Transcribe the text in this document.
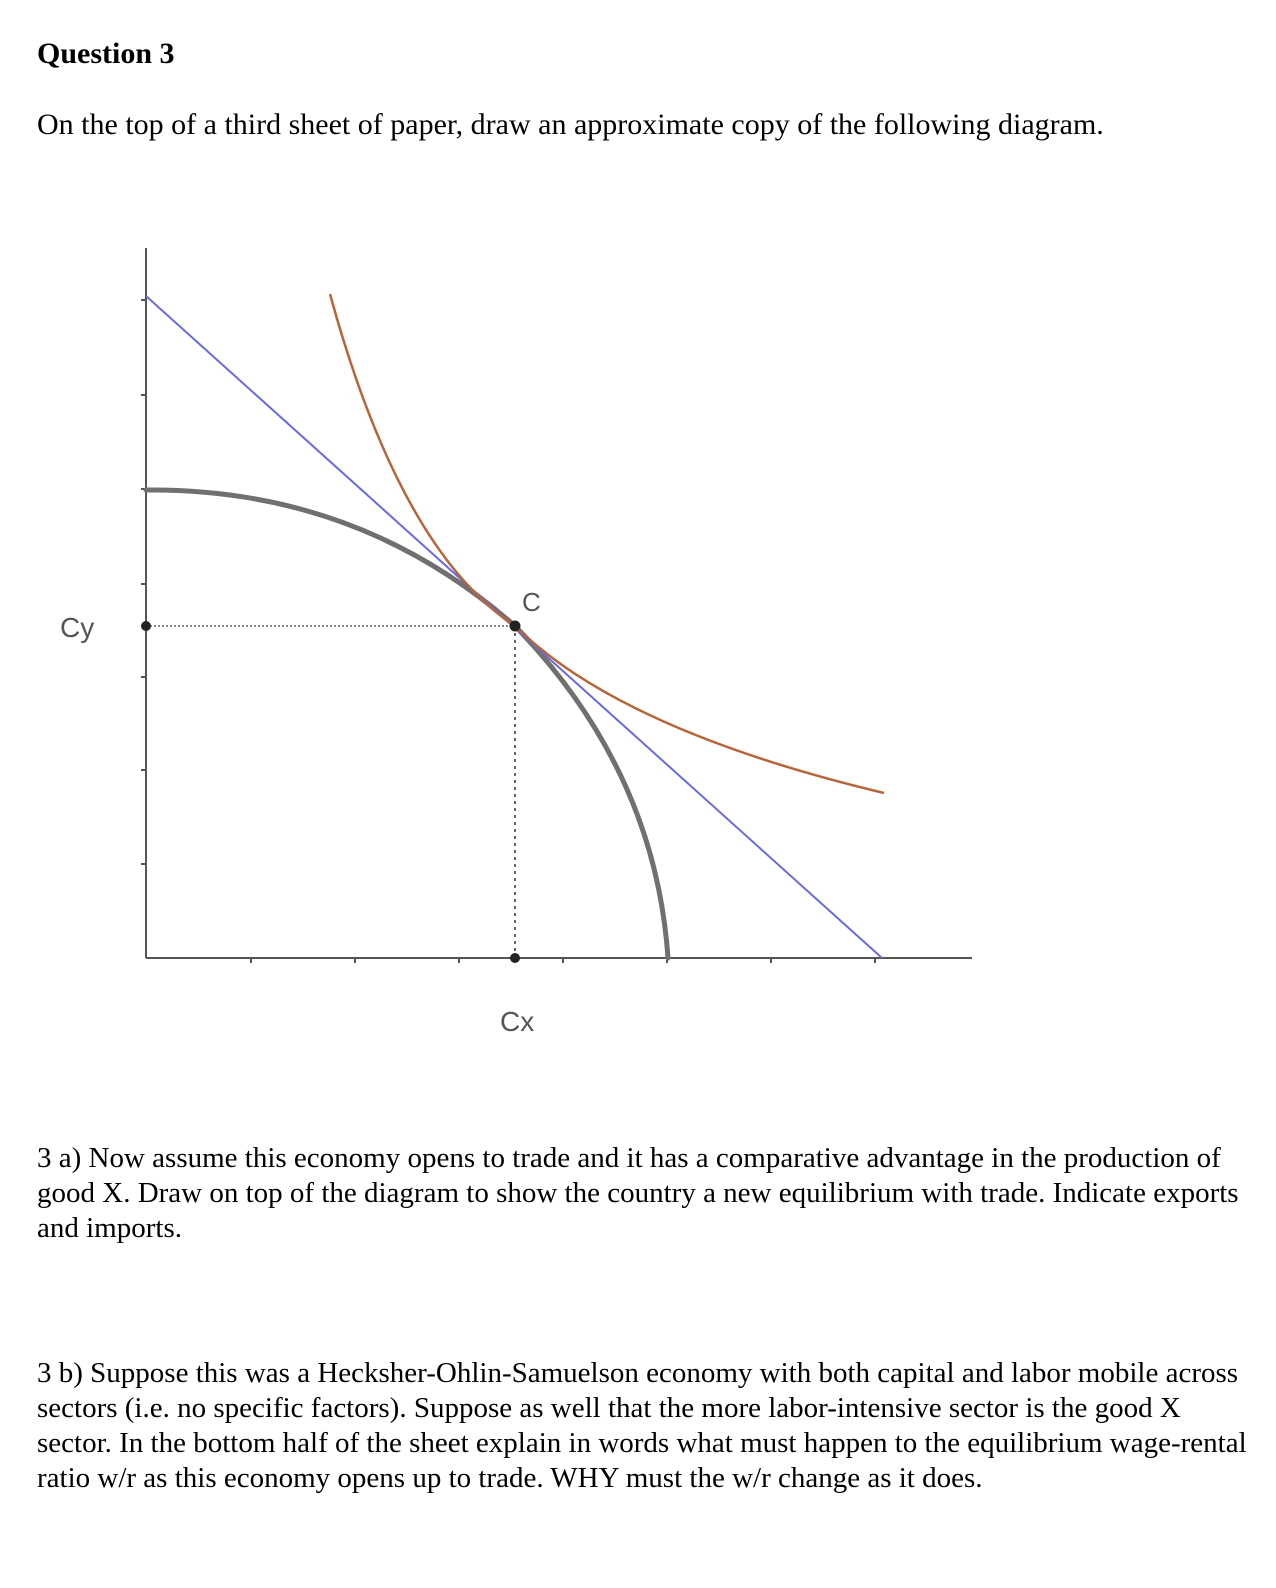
Question 3

On the top of a third sheet of paper, draw an approximate copy of the following diagram.

C
Cy
Cx

3 a) Now assume this economy opens to trade and it has a comparative advantage in the production of good X. Draw on top of the diagram to show the country a new equilibrium with trade. Indicate exports and imports.

3 b) Suppose this was a Hecksher-Ohlin-Samuelson economy with both capital and labor mobile across sectors (i.e. no specific factors). Suppose as well that the more labor-intensive sector is the good X sector. In the bottom half of the sheet explain in words what must happen to the equilibrium wage-rental ratio w/r as this economy opens up to trade. WHY must the w/r change as it does.
